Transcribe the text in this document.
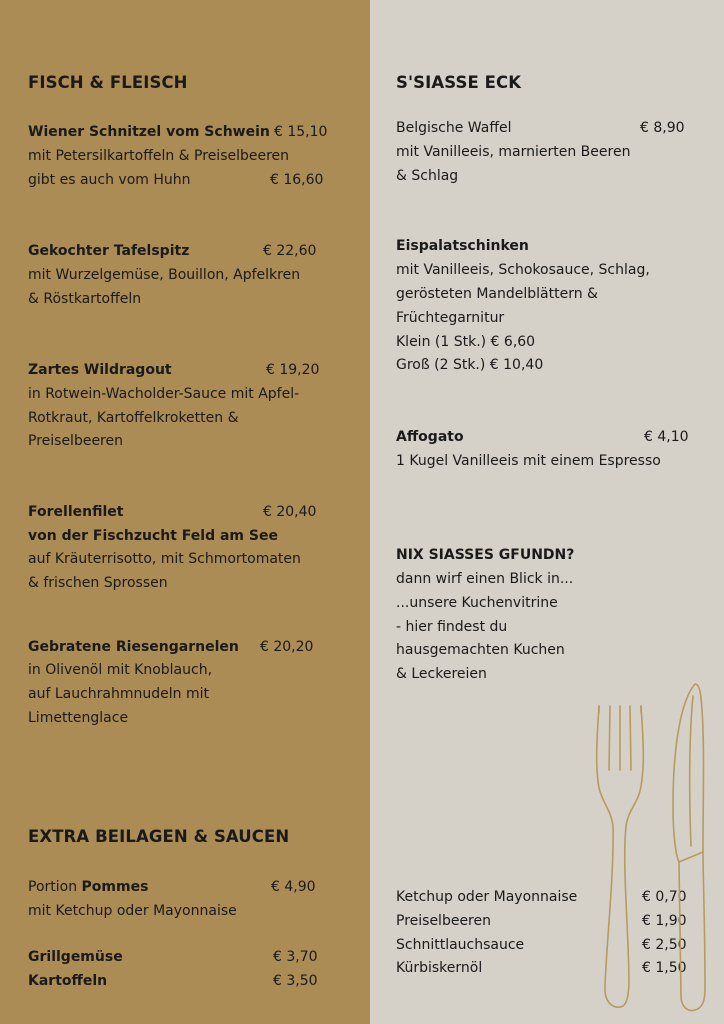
FISCH & FLEISCH
Wiener Schnitzel vom Schwein € 15,10
mit Petersilkartoffeln & Preiselbeeren
gibt es auch vom Huhn	€ 16,60
Gekochter Tafelspitz	€ 22,60
mit Wurzelgemüse, Bouillon, Apfelkren
& Röstkartoffeln
Zartes Wildragout	€ 19,20
in Rotwein-Wacholder-Sauce mit Apfel-
Rotkraut, Kartoffelkroketten &
Preiselbeeren
Forellenfilet	€ 20,40
von der Fischzucht Feld am See
auf Kräuterrisotto, mit Schmortomaten
& frischen Sprossen
Gebratene Riesengarnelen € 20,20
in Olivenöl mit Knoblauch,
auf Lauchrahmnudeln mit
Limettenglace
EXTRA BEILAGEN & SAUCEN
Portion Pommes	€ 4,90
mit Ketchup oder Mayonnaise
Grillgemüse	€ 3,70
Kartoffeln	€ 3,50
S'SIASSE ECK
Belgische Waffel	€ 8,90
mit Vanilleeis, marnierten Beeren
& Schlag
Eispalatschinken
mit Vanilleeis, Schokosauce, Schlag,
gerösteten Mandelblättern &
Früchtegarnitur
Klein (1 Stk.) € 6,60
Groß (2 Stk.) € 10,40
Affogato	€ 4,10
1 Kugel Vanilleeis mit einem Espresso
NIX SIASSES GFUNDN?
dann wirf einen Blick in...
...unsere Kuchenvitrine
- hier findest du
hausgemachten Kuchen
& Leckereien
Ketchup oder Mayonnaise	€ 0,70
Preiselbeeren	€ 1,90
Schnittlauchsauce	€ 2,50
Kürbiskernöl	€ 1,50
